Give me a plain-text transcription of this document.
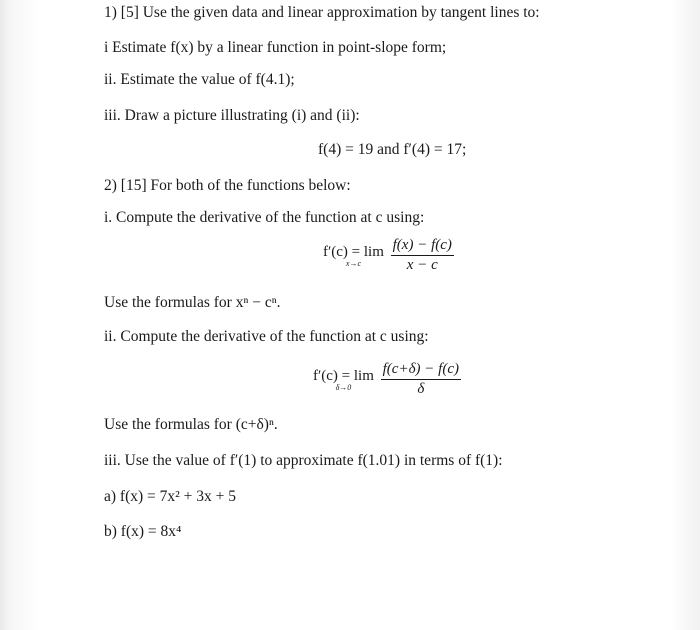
1) [5] Use the given data and linear approximation by tangent lines to:
i Estimate f(x) by a linear function in point-slope form;
ii. Estimate the value of f(4.1);
iii. Draw a picture illustrating (i) and (ii):
f(4) = 19 and f′(4) = 17;
2) [15] For both of the functions below:
i. Compute the derivative of the function at c using:
f′(c) = lim
x→c
	$\frac{f(x) - f(c)}{x - c}$
Use the formulas for xⁿ − cⁿ.
ii. Compute the derivative of the function at c using:
f′(c) = lim
δ→0
	$\frac{f(c+\delta) - f(c)}{\delta}$
Use the formulas for (c+δ)ⁿ.
iii. Use the value of f′(1) to approximate f(1.01) in terms of f(1):
a) f(x) = 7x² + 3x + 5
b) f(x) = 8x⁴
